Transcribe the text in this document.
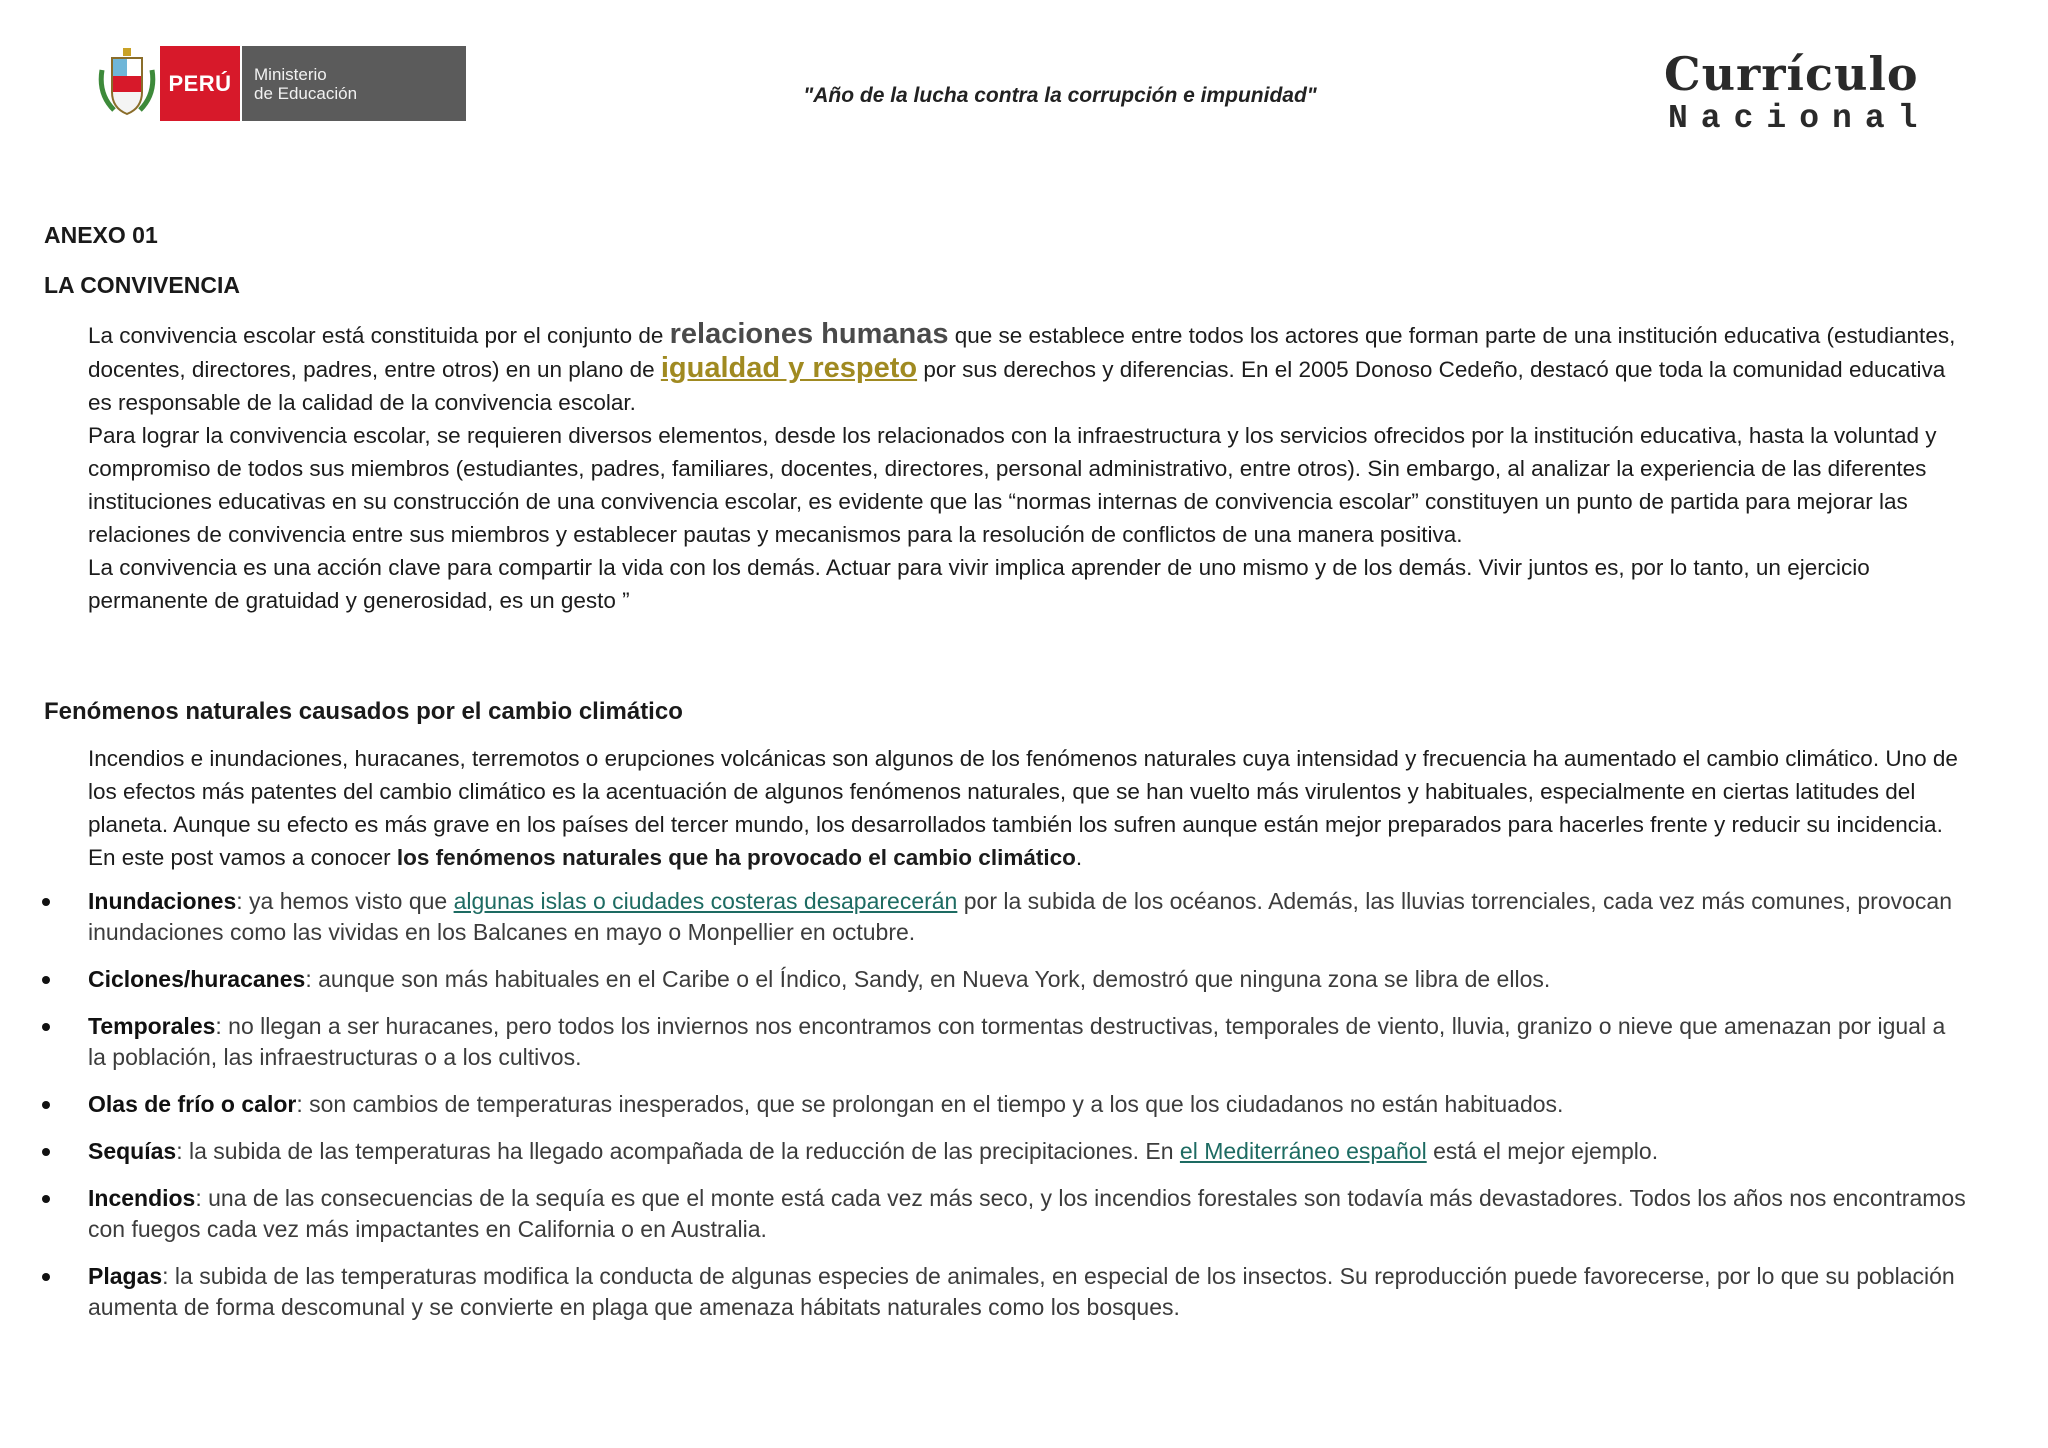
PERÚ	Ministerio
de Educación	"Año de la lucha contra la corrupción e impunidad"	Currículo
Nacional
ANEXO 01
LA CONVIVENCIA

La convivencia escolar está constituida por el conjunto de relaciones humanas que se establece entre todos los actores que forman parte de una institución educativa (estudiantes, docentes, directores, padres, entre otros) en un plano de igualdad y respeto por sus derechos y diferencias. En el 2005 Donoso Cedeño, destacó que toda la comunidad educativa es responsable de la calidad de la convivencia escolar.

Para lograr la convivencia escolar, se requieren diversos elementos, desde los relacionados con la infraestructura y los servicios ofrecidos por la institución educativa, hasta la voluntad y compromiso de todos sus miembros (estudiantes, padres, familiares, docentes, directores, personal administrativo, entre otros). Sin embargo, al analizar la experiencia de las diferentes instituciones educativas en su construcción de una convivencia escolar, es evidente que las “normas internas de convivencia escolar” constituyen un punto de partida para mejorar las relaciones de convivencia entre sus miembros y establecer pautas y mecanismos para la resolución de conflictos de una manera positiva.

La convivencia es una acción clave para compartir la vida con los demás. Actuar para vivir implica aprender de uno mismo y de los demás. Vivir juntos es, por lo tanto, un ejercicio permanente de gratuidad y generosidad, es un gesto ”

Fenómenos naturales causados por el cambio climático

Incendios e inundaciones, huracanes, terremotos o erupciones volcánicas son algunos de los fenómenos naturales cuya intensidad y frecuencia ha aumentado el cambio climático. Uno de los efectos más patentes del cambio climático es la acentuación de algunos fenómenos naturales, que se han vuelto más virulentos y habituales, especialmente en ciertas latitudes del planeta. Aunque su efecto es más grave en los países del tercer mundo, los desarrollados también los sufren aunque están mejor preparados para hacerles frente y reducir su incidencia. En este post vamos a conocer los fenómenos naturales que ha provocado el cambio climático.

Inundaciones: ya hemos visto que algunas islas o ciudades costeras desaparecerán por la subida de los océanos. Además, las lluvias torrenciales, cada vez más comunes, provocan inundaciones como las vividas en los Balcanes en mayo o Monpellier en octubre.
Ciclones/huracanes: aunque son más habituales en el Caribe o el Índico, Sandy, en Nueva York, demostró que ninguna zona se libra de ellos.
Temporales: no llegan a ser huracanes, pero todos los inviernos nos encontramos con tormentas destructivas, temporales de viento, lluvia, granizo o nieve que amenazan por igual a la población, las infraestructuras o a los cultivos.
Olas de frío o calor: son cambios de temperaturas inesperados, que se prolongan en el tiempo y a los que los ciudadanos no están habituados.
Sequías: la subida de las temperaturas ha llegado acompañada de la reducción de las precipitaciones. En el Mediterráneo español está el mejor ejemplo.
Incendios: una de las consecuencias de la sequía es que el monte está cada vez más seco, y los incendios forestales son todavía más devastadores. Todos los años nos encontramos con fuegos cada vez más impactantes en California o en Australia.
Plagas: la subida de las temperaturas modifica la conducta de algunas especies de animales, en especial de los insectos. Su reproducción puede favorecerse, por lo que su población aumenta de forma descomunal y se convierte en plaga que amenaza hábitats naturales como los bosques.
